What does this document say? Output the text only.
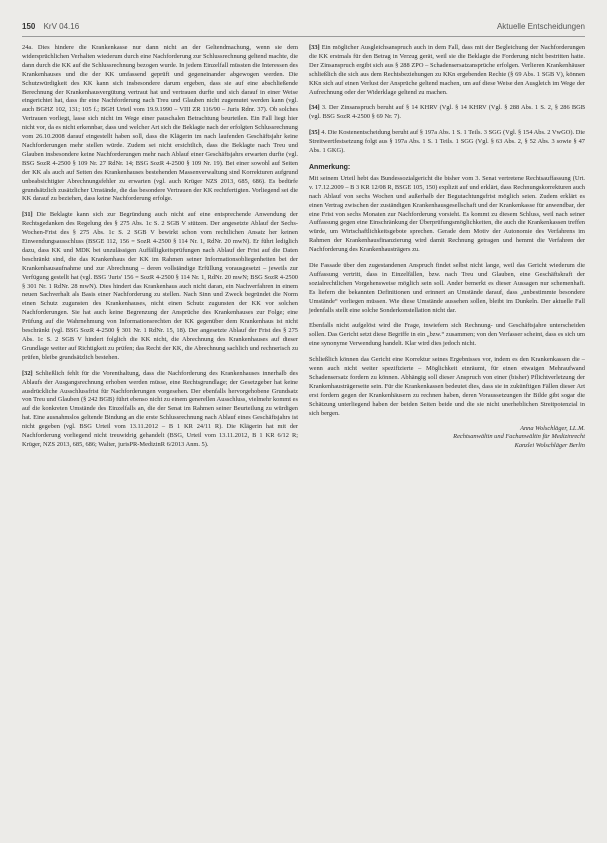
150 KrV 04.16	Aktuelle Entscheidungen

24a. Dies hindere die Krankenkasse nur dann nicht an der Geltendmachung, wenn sie dem widersprüchlichen Verhalten wiederum durch eine Nachforderung zur Schlussrechnung geltend machte, die dann durch die KK auf die Schlussrechnung bezogen wurde. In jedem Einzelfall müssten die Interessen des Krankenhauses und die der KK umfassend geprüft und gegeneinander abgewogen werden. Die Schutzwürdigkeit des KK kann sich insbesondere darum ergeben, dass sie auf eine abschließende Berechnung der Krankenhausvergütung vertraut hat und vertrauen durfte und sich darauf in einer Weise eingerichtet hat, dass ihr eine Nachforderung nach Treu und Glauben nicht zugemutet werden kann (vgl. auch BGHZ 102, 131; 105 f.; BGH Urteil vom 19.9.1990 – VIII ZR 116/90 – Juris Rdnr. 37). Ob solches Vertrauen vorliegt, lasse sich nicht im Wege einer pauschalen Betrachtung beurteilen. Ein Fall liegt hier nicht vor, da es nicht erkennbar, dass und welcher Art sich die Beklagte nach der erfolgten Schlussrechnung vom 26.10.2008 darauf eingestellt haben soll, dass die Klägerin im nach laufenden Geschäftsjahr keine Nachforderungen mehr stellen würde. Zudem sei nicht ersichtlich, dass die Beklagte nach Treu und Glauben insbesondere keine Nachforderungen mehr nach Ablauf einer Geschäftsjahrs erwarten durfte (vgl. BSG SozR 4-2500 § 109 Nr. 27 RdNr. 14; BSG SozR 4-2500 § 109 Nr. 19). Bei einer sowohl auf Seiten der KK als auch auf Seiten des Krankenhauses bestehenden Massenverwaltung sind Korrekturen aufgrund unbeabsichtigter Abrechnungsfehler zu erwarten (vgl. auch Krüger NZS 2013, 685, 686). Es bedürfe grundsätzlich zusätzlicher Umstände, die das besondere Vertrauen der KK rechtfertigten. Vorliegend sei die KK darauf zu beziehen, dass keine Nachforderung erfolge.

[31] Die Beklagte kann sich zur Begründung auch nicht auf eine entsprechende Anwendung der Rechtsgedanken des Regelung des § 275 Abs. 1c S. 2 SGB V stützen. Der angesetzte Ablauf der Sechs-Wochen-Frist des § 275 Abs. 1c S. 2 SGB V bewirkt schon vom rechtlichen Ansatz her keinen Einwendungsausschluss (BSGE 112, 156 = SozR 4-2500 § 114 Nr. 1, RdNr. 20 mwN). Er führt lediglich dazu, dass KK und MDK bei unzulässigen Auffälligkeitsprüfungen nach Ablauf der Frist auf die Daten beschränkt sind, die das Krankenhaus der KK im Rahmen seiner Informationsobliegenheiten bei der Krankenhausaufnahme und zur Abrechnung – deren vollständige Erfüllung vorausgesetzt – jeweils zur Verfügung gestellt hat (vgl. BSG 'Juris' 156 = SozR 4-2500 § 114 Nr. 1, RdNr. 20 mwN; BSG SozR 4-2500 § 301 Nr. 1 RdNr. 28 mwN). Dies hindert das Krankenhaus auch nicht daran, ein Nachverfahren in einem neuen Sachverhalt als Basis einer Nachforderung zu stellen. Nach Sinn und Zweck begründet die Norm einen Schutz zugunsten des Krankenhauses, nicht einen Schutz zugunsten der KK vor solchen Nachforderungen. Sie hat auch keine Begrenzung der Ansprüche des Krankenhauses zur Folge; eine Prüfung auf die Wahrnehmung von Informationsrechten der KK gegenüber dem Krankenhaus ist nicht beschränkt (vgl. BSG SozR 4-2500 § 301 Nr. 1 RdNr. 15, 18). Der angesetzte Ablauf der Frist des § 275 Abs. 1c S. 2 SGB V hindert folglich die KK nicht, die Abrechnung des Krankenhauses auf dieser Grundlage weiter auf Richtigkeit zu prüfen; das Recht der KK, die Abrechnung sachlich und rechnerisch zu prüfen, bleibe grundsätzlich bestehen.

[32] Schließlich fehlt für die Vorenthaltung, dass die Nachforderung des Krankenhauses innerhalb des Ablaufs der Ausgangsrechnung erhoben werden müsse, eine Rechtsgrundlage; der Gesetzgeber hat keine ausdrückliche Ausschlussfrist für Nachforderungen vorgesehen. Der ebenfalls hervorgehobene Grundsatz von Treu und Glauben (§ 242 BGB) führt ebenso nicht zu einem generellen Ausschluss, vielmehr kommt es auf die konkreten Umstände des Einzelfalls an, die der Senat im Rahmen seiner Beurteilung zu würdigen hat. Eine ausnahmslos geltende Bindung an die erste Schlussrechnung nach Ablauf eines Geschäftsjahrs ist nicht gegeben (vgl. BSG Urteil vom 13.11.2012 – B 1 KR 24/11 R). Die Klägerin hat mit der Nachforderung vorliegend nicht treuwidrig gehandelt (BSG, Urteil vom 13.11.2012, B 1 KR 6/12 R; Krüger, NZS 2013, 685, 686; Walter, jurisPR-MedizinR 6/2013 Anm. 5).

[33] Ein möglicher Ausgleichsanspruch auch in dem Fall, dass mit der Begleichung der Nachforderungen die KK erstmals für den Betrag in Verzug gerät, weil sie die Beklagte die Forderung nicht bestritten hatte. Der Zinsanspruch ergibt sich aus § 288 ZPO – Schadensersatzansprüche erfolgen. Verlieren Krankenhäuser schließlich die sich aus dem Rechtsbeziehungen zu KKn ergebenden Rechte (§ 69 Abs. 1 SGB V), können KKn sich auf einen Verlust der Ansprüche geltend machen, um auf diese Weise den Ausgleich im Wege der Aufrechnung oder der Widerklage geltend zu machen.

[34] 3. Der Zinsanspruch beruht auf § 14 KHRV (Vgl. § 14 KHRV (Vgl. § 288 Abs. 1 S. 2, § 286 BGB (vgl. BSG SozR 4-2500 § 69 Nr. 7).

[35] 4. Die Kostenentscheidung beruht auf § 197a Abs. 1 S. 1 Teils. 3 SGG (Vgl. § 154 Abs. 2 VwGO). Die Streitwertfestsetzung folgt aus § 197a Abs. 1 S. 1 Teils. 1 SGG (Vgl. § 63 Abs. 2, § 52 Abs. 3 sowie § 47 Abs. 1 GKG).

Anmerkung:

Mit seinem Urteil hebt das Bundessozialgericht die bisher vom 3. Senat vertretene Rechtsauffassung (Urt. v. 17.12.2009 – B 3 KR 12/08 R, BSGE 105, 150) explizit auf und erklärt, dass Rechnungskorrekturen auch nach Ablauf von sechs Wochen und außerhalb der Begutachtungsfrist möglich seien. Zudem erklärt es einen Vertrag zwischen der zuständigen Krankenhausgesellschaft und der Krankenkasse für anwendbar, der eine Frist von sechs Monaten zur Nachforderung vorsieht. Es kommt zu diesem Schluss, weil nach seiner Auffassung gegen eine Einschränkung der Überprüfungsmöglichkeiten, die auch die Krankenkassen treffen würde, um Wirtschaftlichkeitsgebote sprechen. Gerade dem Motiv der Autonomie des Verfahrens im Rahmen der Krankenhausfinanzierung wird damit Rechnung getragen und hemmt die Verfahren der Nachforderung des Krankenhausträgers zu.

Die Fassade über den zugestandenen Anspruch findet selbst nicht lange, weil das Gericht wiederum die Auffassung vertritt, dass in Einzelfällen, bzw. nach Treu und Glauben, eine Geschäftskraft der sozialrechtlichen Vorgehensweise möglich sein soll. Ander bemerkt es dieser Aussagen nur schemenhaft. Es liefern die bekannten Definitionen und erinnert an Umstände darauf, dass „unbestimmte besondere Umstände“ vorliegen müssen. Wie diese Umstände aussehen sollen, bleibt im Dunkeln. Der aktuelle Fall jedenfalls stellt eine solche Sonderkonstellation nicht dar.

Ebenfalls nicht aufgelöst wird die Frage, inwiefern sich Rechnung- und Geschäftsjahre unterscheiden sollen. Das Gericht setzt diese Begriffe in ein „bzw.“ zusammen; von den Verfasser scheint, dass es sich um eine synonyme Verwendung handelt. Klar wird dies jedoch nicht.

Schließlich können das Gericht eine Korrektur seines Ergebnisses vor, indem es den Krankenkassen die – wenn auch nicht weiter spezifizierte – Möglichkeit einräumt, für einen etwaigen Mehraufwand Schadensersatz fordern zu können. Abhängig soll dieser Anspruch von einer (bisher) Pflichtverletzung der Krankenhausträgerseite sein. Für die Krankenkassen bedeutet dies, dass sie in zukünftigen Fällen dieser Art erst fordern gegen der Krankenhäusern zu rechnen haben, deren Voraussetzungen ihr Bilde gibt sogar die Schätzung unterliegend haben der beiden Seiten beide und die sie nicht unerheblichen Streitpotenzial in sich bergen.

Anna Wolschläger, LL.M.
Rechtsanwältin und Fachanwältin für Medizinrecht
Kanzlei Wolschläger Berlin
